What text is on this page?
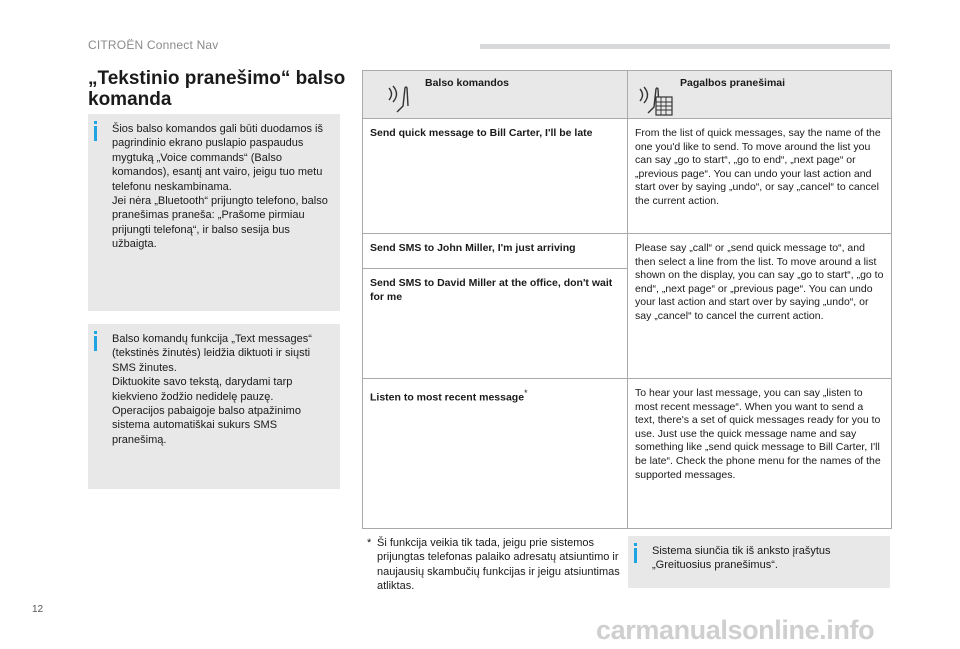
CITROËN Connect Nav
„Tekstinio pranešimo“ balso komanda

Šios balso komandos gali būti duodamos iš pagrindinio ekrano puslapio paspaudus mygtuką „Voice commands“ (Balso komandos), esantį ant vairo, jeigu tuo metu telefonu neskambinama.

Jei nėra „Bluetooth“ prijungto telefono, balso pranešimas praneša: „Prašome pirmiau prijungti telefoną“, ir balso sesija bus užbaigta.

Balso komandų funkcija „Text messages“ (tekstinės žinutės) leidžia diktuoti ir siųsti SMS žinutes.

Diktuokite savo tekstą, darydami tarp kiekvieno žodžio nedidelę pauzę.

Operacijos pabaigoje balso atpažinimo sistema automatiškai sukurs SMS pranešimą.

Balso komandos	Pagalbos pranešimai

Send quick message to Bill Carter, I'll be late	From the list of quick messages, say the name of the one you'd like to send. To move around the list you can say „go to start“, „go to end“, „next page“ or „previous page“. You can undo your last action and start over by saying „undo“, or say „cancel“ to cancel the current action.

Send SMS to John Miller, I'm just arriving
Send SMS to David Miller at the office, don't wait for me	Please say „call“ or „send quick message to“, and then select a line from the list. To move around a list shown on the display, you can say „go to start“, „go to end“, „next page“ or „previous page“. You can undo your last action and start over by saying „undo“, or say „cancel“ to cancel the current action.
Listen to most recent message*	To hear your last message, you can say „listen to most recent message“. When you want to send a text, there's a set of quick messages ready for you to use. Just use the quick message name and say something like „send quick message to Bill Carter, I'll be late“. Check the phone menu for the names of the supported messages.
* Ši funkcija veikia tik tada, jeigu prie sistemos prijungtas telefonas palaiko adresatų atsiuntimo ir naujausių skambučių funkcijas ir jeigu atsiuntimas atliktas.

Sistema siunčia tik iš anksto įrašytus „Greituosius pranešimus“.

12
carmanualsonline.info
